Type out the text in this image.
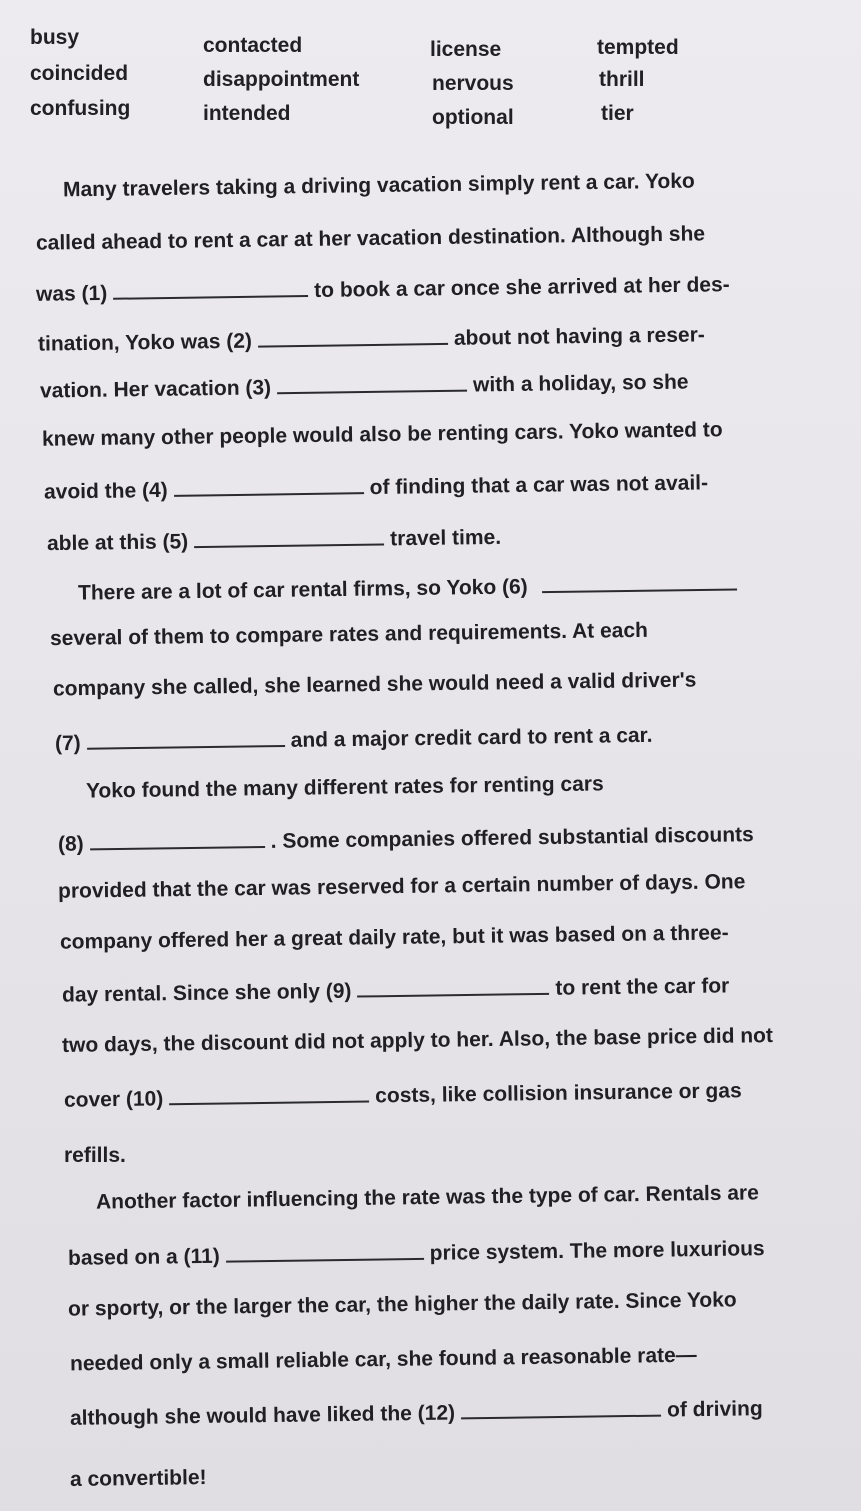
busy	contacted	license	tempted
coincided	disappointment	nervous	thrill
confusing	intended	optional	tier
Many travelers taking a driving vacation simply rent a car. Yoko
called ahead to rent a car at her vacation destination. Although she
was (1)	to book a car once she arrived at her des-
tination, Yoko was (2)	about not having a reser-
vation. Her vacation (3)	with a holiday, so she
knew many other people would also be renting cars. Yoko wanted to
avoid the (4)	of finding that a car was not avail-
able at this (5)	travel time.
There are a lot of car rental firms, so Yoko (6)
several of them to compare rates and requirements. At each
company she called, she learned she would need a valid driver's
(7)	and a major credit card to rent a car.
Yoko found the many different rates for renting cars
(8)	. Some companies offered substantial discounts
provided that the car was reserved for a certain number of days. One
company offered her a great daily rate, but it was based on a three-
day rental. Since she only (9)	to rent the car for
two days, the discount did not apply to her. Also, the base price did not
cover (10)	costs, like collision insurance or gas
refills.
Another factor influencing the rate was the type of car. Rentals are
based on a (11)	price system. The more luxurious
or sporty, or the larger the car, the higher the daily rate. Since Yoko
needed only a small reliable car, she found a reasonable rate—
although she would have liked the (12)	of driving
a convertible!
